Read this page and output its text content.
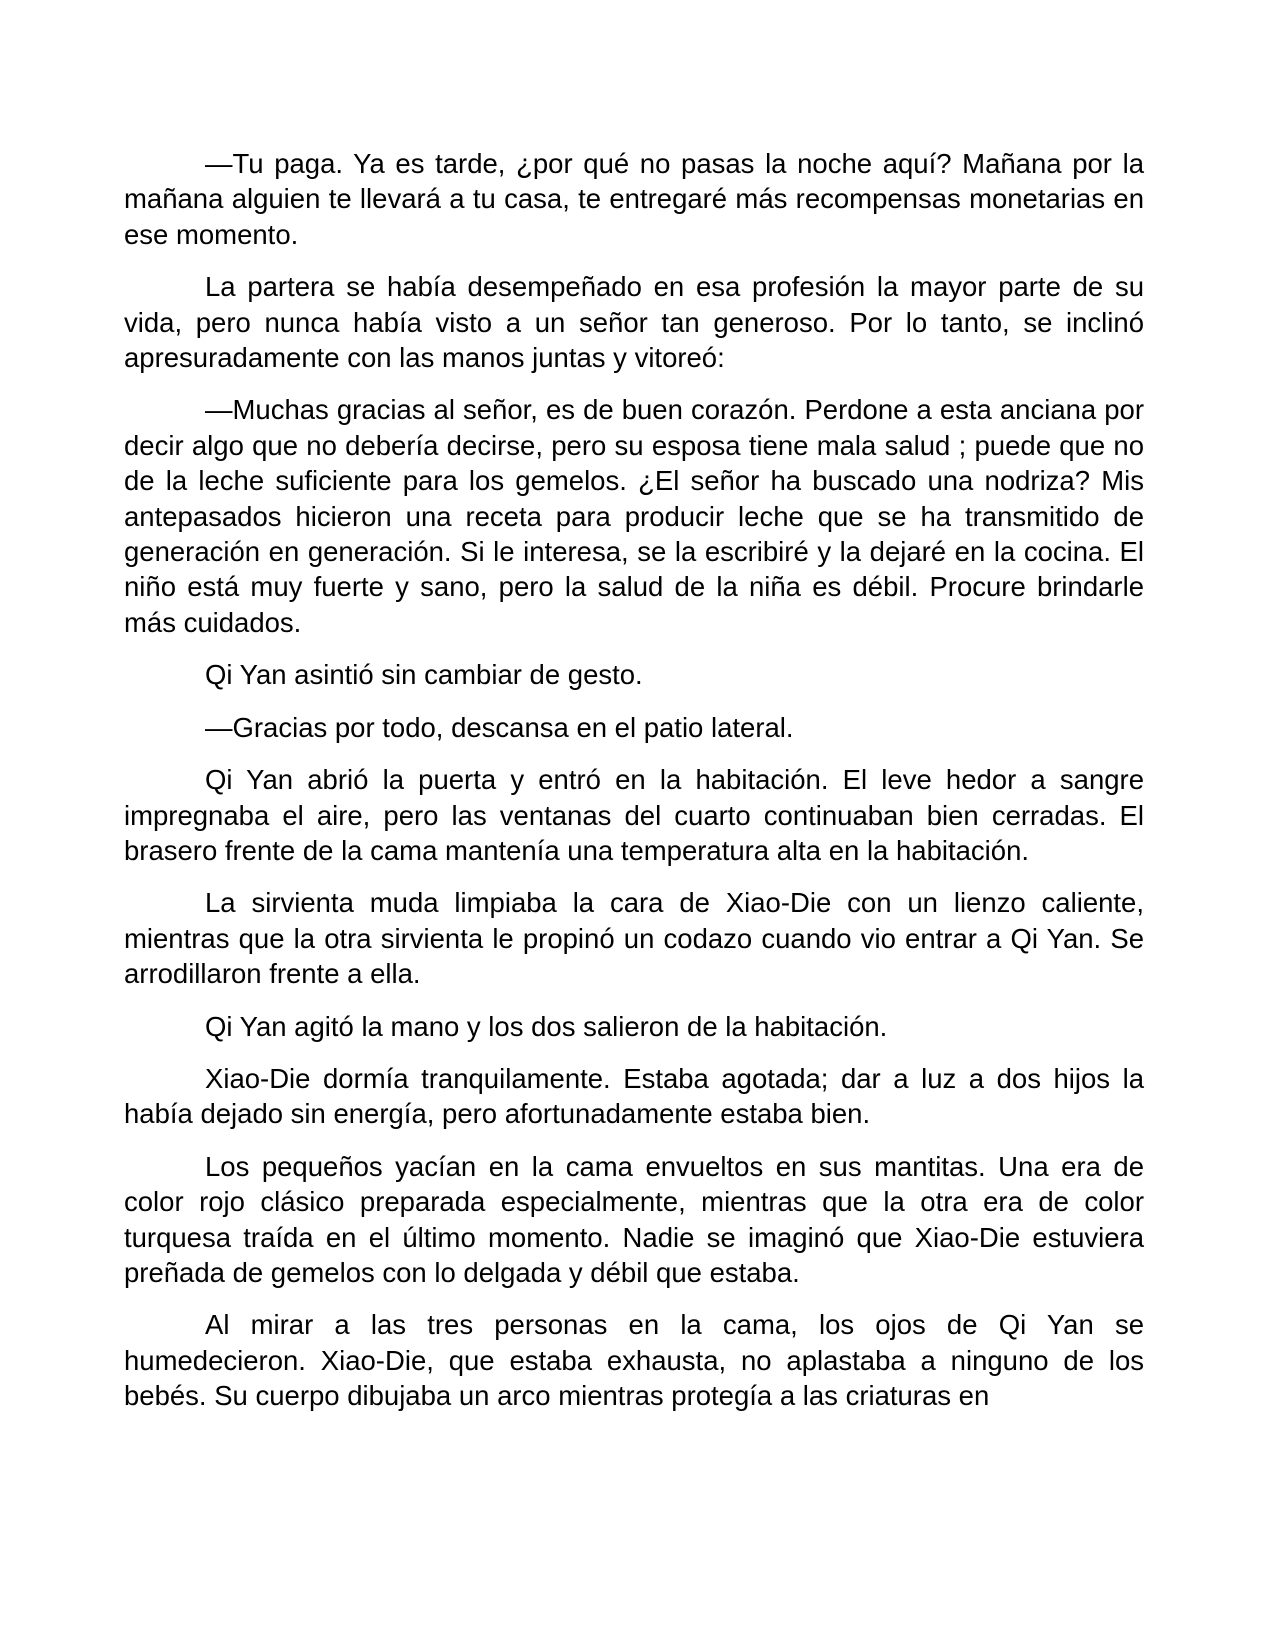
—Tu paga. Ya es tarde, ¿por qué no pasas la noche aquí? Mañana por la mañana alguien te llevará a tu casa, te entregaré más recompensas monetarias en ese momento.

La partera se había desempeñado en esa profesión la mayor parte de su vida, pero nunca había visto a un señor tan generoso. Por lo tanto, se inclinó apresuradamente con las manos juntas y vitoreó:

—Muchas gracias al señor, es de buen corazón. Perdone a esta anciana por decir algo que no debería decirse, pero su esposa tiene mala salud ; puede que no de la leche suficiente para los gemelos. ¿El señor ha buscado una nodriza? Mis antepasados hicieron una receta para producir leche que se ha transmitido de generación en generación. Si le interesa, se la escribiré y la dejaré en la cocina. El niño está muy fuerte y sano, pero la salud de la niña es débil. Procure brindarle más cuidados.

Qi Yan asintió sin cambiar de gesto.

—Gracias por todo, descansa en el patio lateral.

Qi Yan abrió la puerta y entró en la habitación. El leve hedor a sangre impregnaba el aire, pero las ventanas del cuarto continuaban bien cerradas. El brasero frente de la cama mantenía una temperatura alta en la habitación.

La sirvienta muda limpiaba la cara de Xiao-Die con un lienzo caliente, mientras que la otra sirvienta le propinó un codazo cuando vio entrar a Qi Yan. Se arrodillaron frente a ella.

Qi Yan agitó la mano y los dos salieron de la habitación.

Xiao-Die dormía tranquilamente. Estaba agotada; dar a luz a dos hijos la había dejado sin energía, pero afortunadamente estaba bien.

Los pequeños yacían en la cama envueltos en sus mantitas. Una era de color rojo clásico preparada especialmente, mientras que la otra era de color turquesa traída en el último momento. Nadie se imaginó que Xiao-Die estuviera preñada de gemelos con lo delgada y débil que estaba.

Al mirar a las tres personas en la cama, los ojos de Qi Yan se humedecieron. Xiao-Die, que estaba exhausta, no aplastaba a ninguno de los bebés. Su cuerpo dibujaba un arco mientras protegía a las criaturas en
